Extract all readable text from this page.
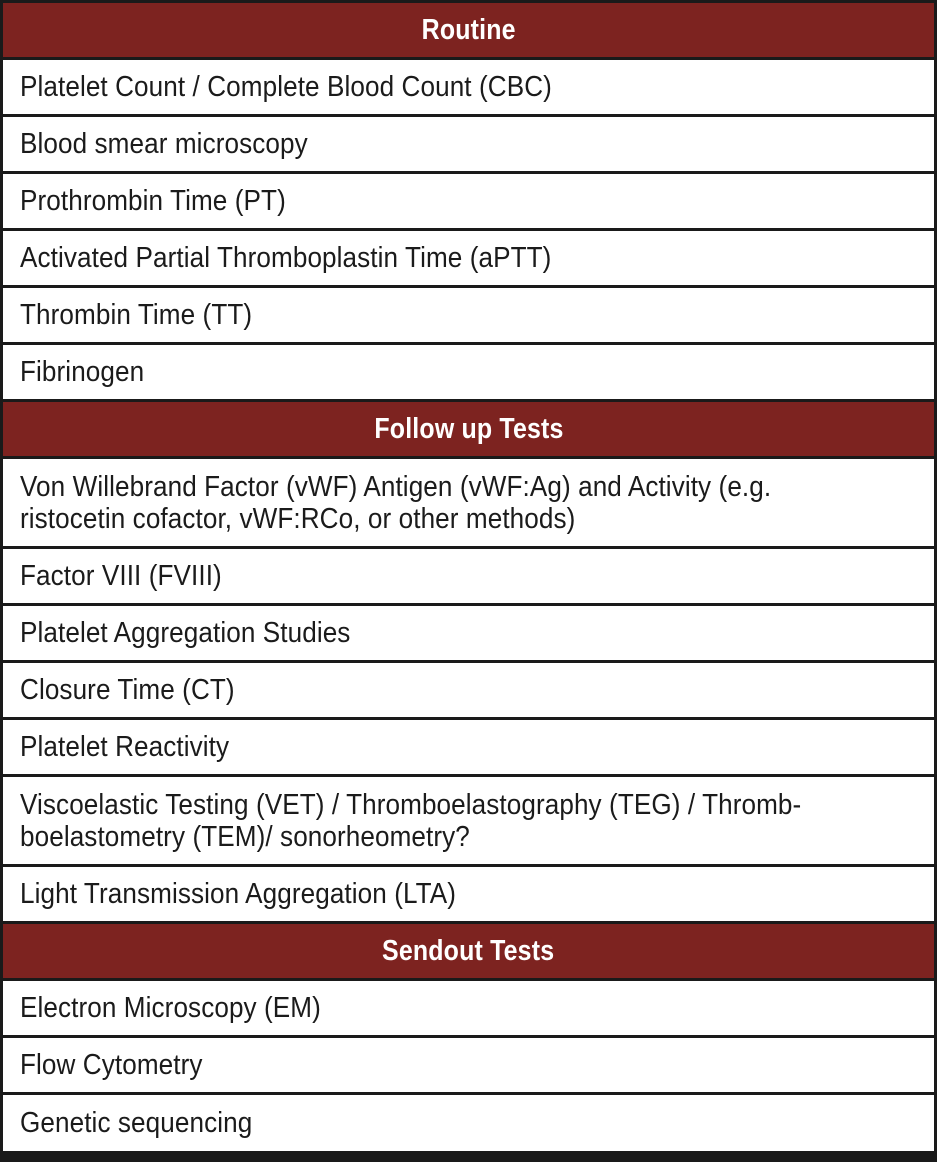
Routine
Platelet Count / Complete Blood Count (CBC)
Blood smear microscopy
Prothrombin Time (PT)
Activated Partial Thromboplastin Time (aPTT)
Thrombin Time (TT)
Fibrinogen
Follow up Tests
Von Willebrand Factor (vWF) Antigen (vWF:Ag) and Activity (e.g. ristocetin cofactor, vWF:RCo, or other methods)
Factor VIII (FVIII)
Platelet Aggregation Studies
Closure Time (CT)
Platelet Reactivity
Viscoelastic Testing (VET) / Thromboelastography (TEG) / Thromb-boelastometry (TEM)/ sonorheometry?
Light Transmission Aggregation (LTA)
Sendout Tests
Electron Microscopy (EM)
Flow Cytometry
Genetic sequencing
